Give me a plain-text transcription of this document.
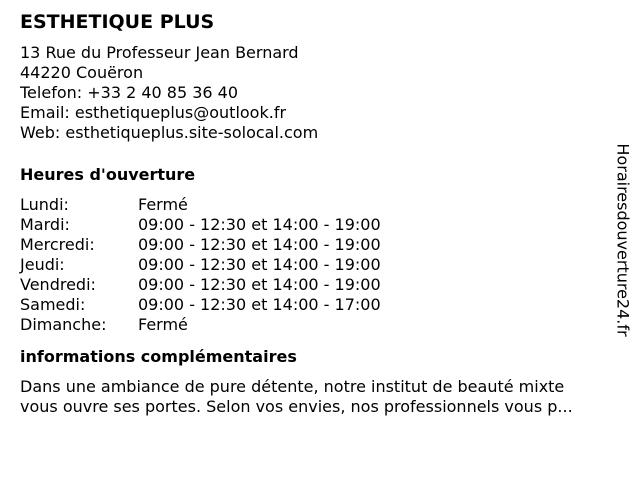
ESTHETIQUE PLUS
13 Rue du Professeur Jean Bernard
44220 Couëron
Telefon: +33 2 40 85 36 40
Email: esthetiqueplus@outlook.fr
Web: esthetiqueplus.site-solocal.com
Heures d'ouverture
Lundi:	Fermé
Mardi:	09:00 - 12:30 et 14:00 - 19:00
Mercredi:	09:00 - 12:30 et 14:00 - 19:00
Jeudi:	09:00 - 12:30 et 14:00 - 19:00
Vendredi:	09:00 - 12:30 et 14:00 - 19:00
Samedi:	09:00 - 12:30 et 14:00 - 17:00
Dimanche:	Fermé
informations complémentaires
Dans une ambiance de pure détente, notre institut de beauté mixte
vous ouvre ses portes. Selon vos envies, nos professionnels vous p...
Horairesdouverture24.fr
